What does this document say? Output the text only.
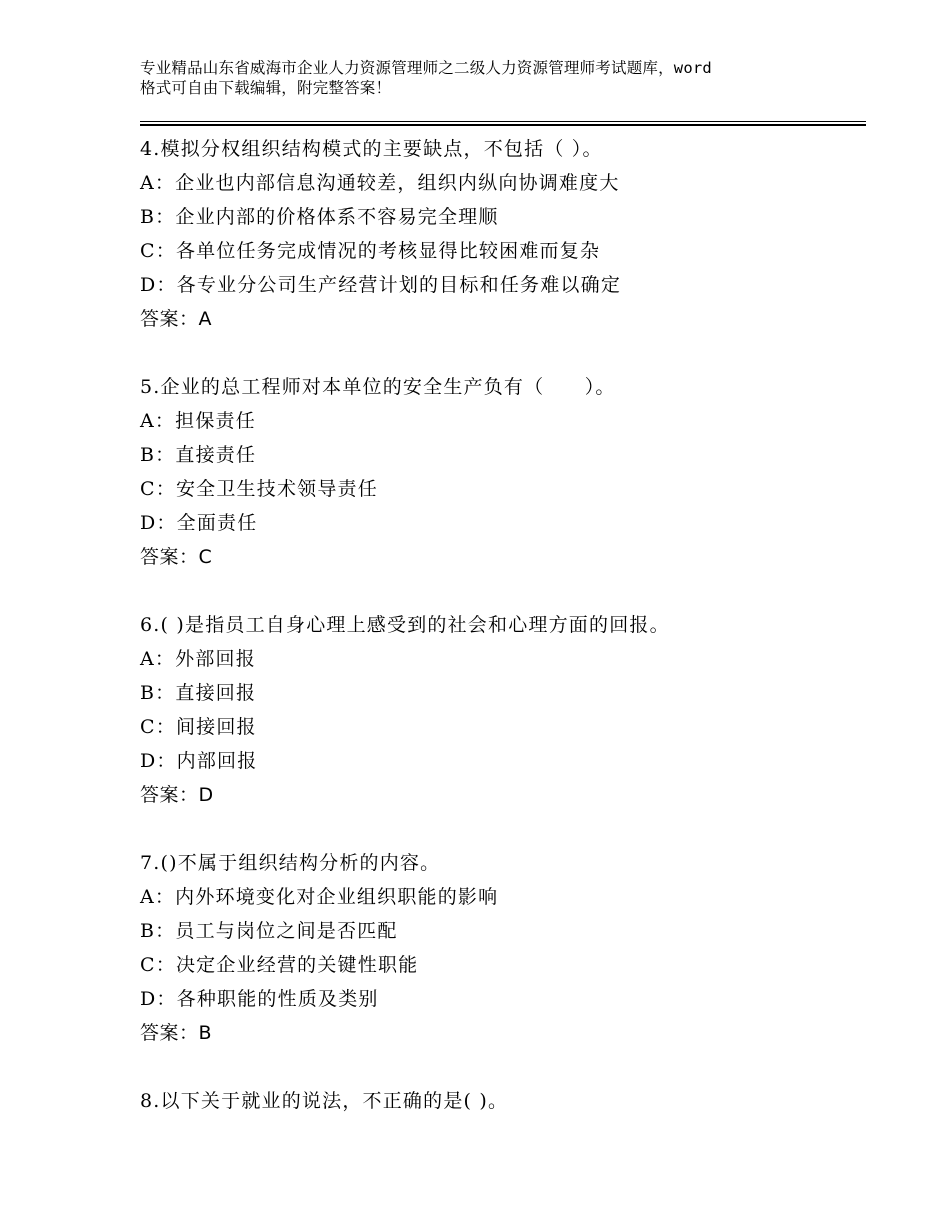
专业精品山东省威海市企业人力资源管理师之二级人力资源管理师考试题库，word
格式可自由下载编辑，附完整答案！
4.模拟分权组织结构模式的主要缺点，不包括（ ）。
A：企业也内部信息沟通较差，组织内纵向协调难度大
B：企业内部的价格体系不容易完全理顺
C：各单位任务完成情况的考核显得比较困难而复杂
D：各专业分公司生产经营计划的目标和任务难以确定
答案：A
5.企业的总工程师对本单位的安全生产负有（　　）。
A：担保责任
B：直接责任
C：安全卫生技术领导责任
D：全面责任
答案：C
6.( )是指员工自身心理上感受到的社会和心理方面的回报。
A：外部回报
B：直接回报
C：间接回报
D：内部回报
答案：D
7.()不属于组织结构分析的内容。
A：内外环境变化对企业组织职能的影响
B：员工与岗位之间是否匹配
C：决定企业经营的关键性职能
D：各种职能的性质及类别
答案：B
8.以下关于就业的说法，不正确的是( )。
